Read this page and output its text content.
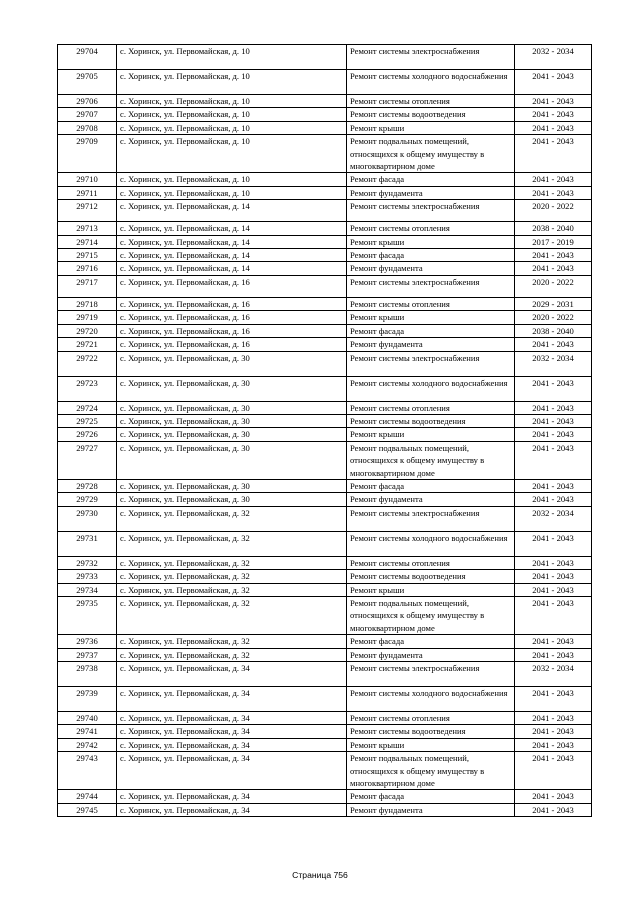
29704	с. Хоринск, ул. Первомайская, д. 10	Ремонт системы электроснабжения	2032 - 2034
29705	с. Хоринск, ул. Первомайская, д. 10	Ремонт системы холодного водоснабжения	2041 - 2043
29706	с. Хоринск, ул. Первомайская, д. 10	Ремонт системы отопления	2041 - 2043
29707	с. Хоринск, ул. Первомайская, д. 10	Ремонт системы водоотведения	2041 - 2043
29708	с. Хоринск, ул. Первомайская, д. 10	Ремонт крыши	2041 - 2043
29709	с. Хоринск, ул. Первомайская, д. 10	Ремонт подвальных помещений, относящихся к общему имуществу в многоквартирном доме	2041 - 2043
29710	с. Хоринск, ул. Первомайская, д. 10	Ремонт фасада	2041 - 2043
29711	с. Хоринск, ул. Первомайская, д. 10	Ремонт фундамента	2041 - 2043
29712	с. Хоринск, ул. Первомайская, д. 14	Ремонт системы электроснабжения	2020 - 2022
29713	с. Хоринск, ул. Первомайская, д. 14	Ремонт системы отопления	2038 - 2040
29714	с. Хоринск, ул. Первомайская, д. 14	Ремонт крыши	2017 - 2019
29715	с. Хоринск, ул. Первомайская, д. 14	Ремонт фасада	2041 - 2043
29716	с. Хоринск, ул. Первомайская, д. 14	Ремонт фундамента	2041 - 2043
29717	с. Хоринск, ул. Первомайская, д. 16	Ремонт системы электроснабжения	2020 - 2022
29718	с. Хоринск, ул. Первомайская, д. 16	Ремонт системы отопления	2029 - 2031
29719	с. Хоринск, ул. Первомайская, д. 16	Ремонт крыши	2020 - 2022
29720	с. Хоринск, ул. Первомайская, д. 16	Ремонт фасада	2038 - 2040
29721	с. Хоринск, ул. Первомайская, д. 16	Ремонт фундамента	2041 - 2043
29722	с. Хоринск, ул. Первомайская, д. 30	Ремонт системы электроснабжения	2032 - 2034
29723	с. Хоринск, ул. Первомайская, д. 30	Ремонт системы холодного водоснабжения	2041 - 2043
29724	с. Хоринск, ул. Первомайская, д. 30	Ремонт системы отопления	2041 - 2043
29725	с. Хоринск, ул. Первомайская, д. 30	Ремонт системы водоотведения	2041 - 2043
29726	с. Хоринск, ул. Первомайская, д. 30	Ремонт крыши	2041 - 2043
29727	с. Хоринск, ул. Первомайская, д. 30	Ремонт подвальных помещений, относящихся к общему имуществу в многоквартирном доме	2041 - 2043
29728	с. Хоринск, ул. Первомайская, д. 30	Ремонт фасада	2041 - 2043
29729	с. Хоринск, ул. Первомайская, д. 30	Ремонт фундамента	2041 - 2043
29730	с. Хоринск, ул. Первомайская, д. 32	Ремонт системы электроснабжения	2032 - 2034
29731	с. Хоринск, ул. Первомайская, д. 32	Ремонт системы холодного водоснабжения	2041 - 2043
29732	с. Хоринск, ул. Первомайская, д. 32	Ремонт системы отопления	2041 - 2043
29733	с. Хоринск, ул. Первомайская, д. 32	Ремонт системы водоотведения	2041 - 2043
29734	с. Хоринск, ул. Первомайская, д. 32	Ремонт крыши	2041 - 2043
29735	с. Хоринск, ул. Первомайская, д. 32	Ремонт подвальных помещений, относящихся к общему имуществу в многоквартирном доме	2041 - 2043
29736	с. Хоринск, ул. Первомайская, д. 32	Ремонт фасада	2041 - 2043
29737	с. Хоринск, ул. Первомайская, д. 32	Ремонт фундамента	2041 - 2043
29738	с. Хоринск, ул. Первомайская, д. 34	Ремонт системы электроснабжения	2032 - 2034
29739	с. Хоринск, ул. Первомайская, д. 34	Ремонт системы холодного водоснабжения	2041 - 2043
29740	с. Хоринск, ул. Первомайская, д. 34	Ремонт системы отопления	2041 - 2043
29741	с. Хоринск, ул. Первомайская, д. 34	Ремонт системы водоотведения	2041 - 2043
29742	с. Хоринск, ул. Первомайская, д. 34	Ремонт крыши	2041 - 2043
29743	с. Хоринск, ул. Первомайская, д. 34	Ремонт подвальных помещений, относящихся к общему имуществу в многоквартирном доме	2041 - 2043
29744	с. Хоринск, ул. Первомайская, д. 34	Ремонт фасада	2041 - 2043
29745	с. Хоринск, ул. Первомайская, д. 34	Ремонт фундамента	2041 - 2043
Страница 756
